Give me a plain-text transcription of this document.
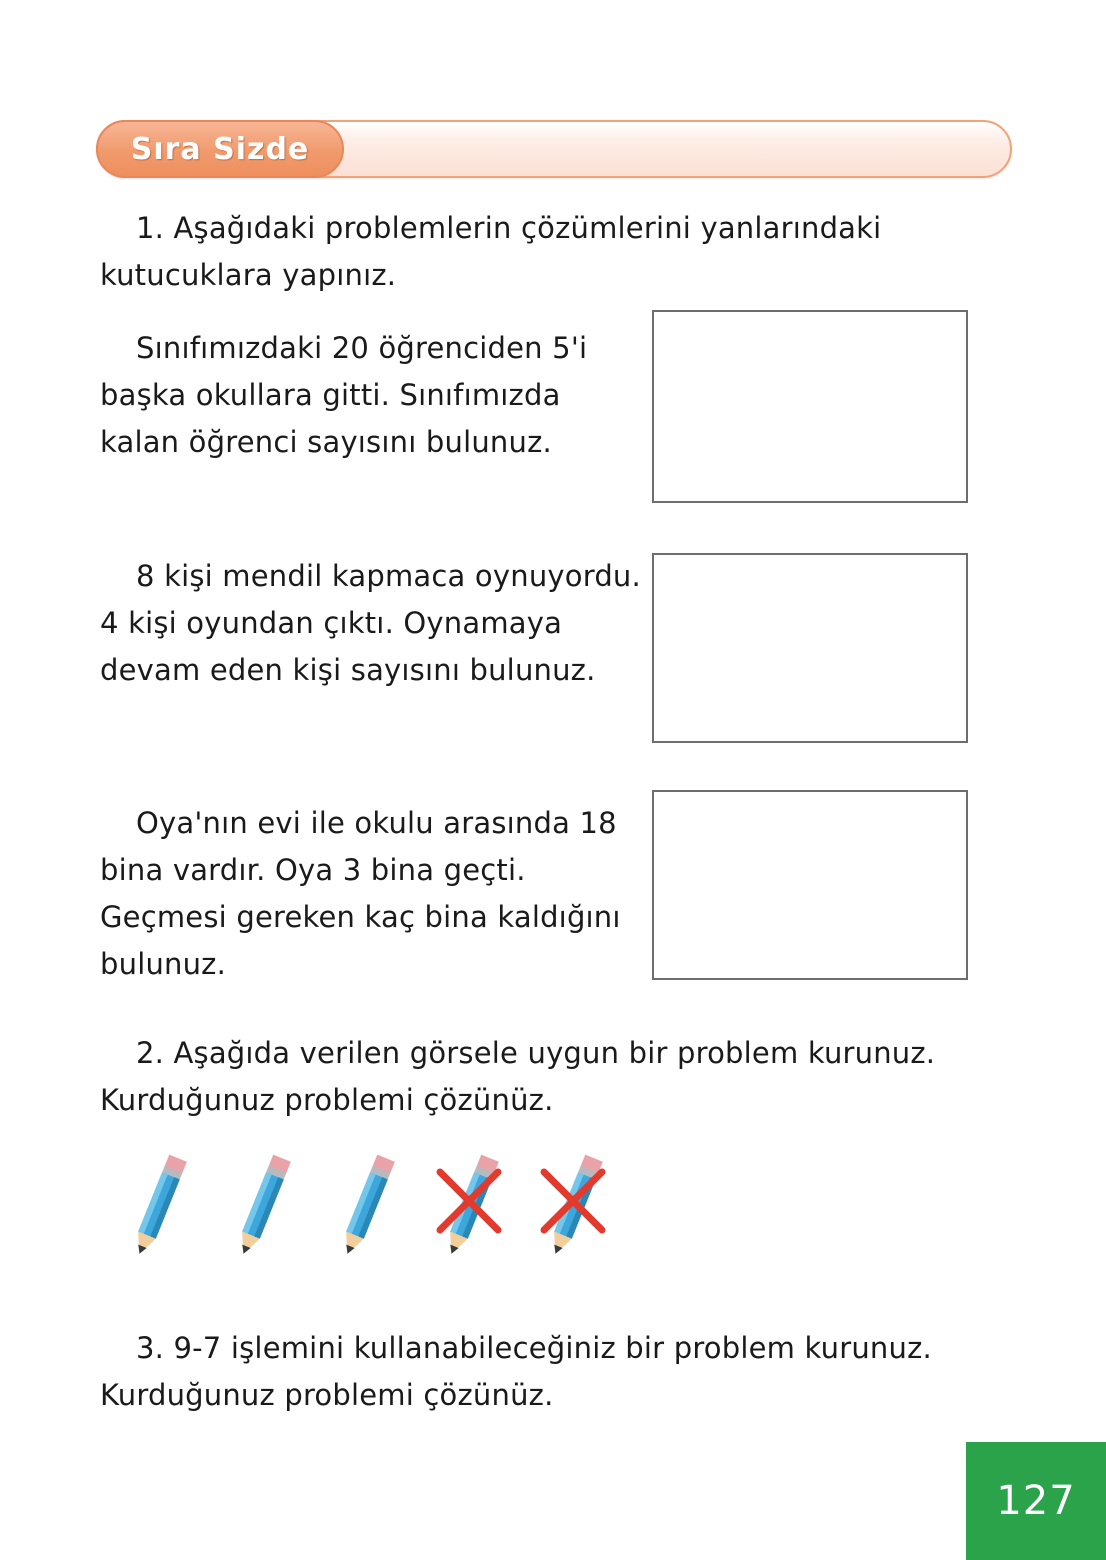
Sıra Sizde
1. Aşağıdaki problemlerin çözümlerini yanlarındaki kutucuklara yapınız.
Sınıfımızdaki 20 öğrenciden 5'i başka okullara gitti. Sınıfımızda kalan öğrenci sayısını bulunuz.
8 kişi mendil kapmaca oynuyordu. 4 kişi oyundan çıktı. Oynamaya devam eden kişi sayısını bulunuz.
Oya'nın evi ile okulu arasında 18 bina vardır. Oya 3 bina geçti. Geçmesi gereken kaç bina kaldığını bulunuz.
2. Aşağıda verilen görsele uygun bir problem kurunuz. Kurduğunuz problemi çözünüz.
3. 9-7 işlemini kullanabileceğiniz bir problem kurunuz. Kurduğunuz problemi çözünüz.
127
